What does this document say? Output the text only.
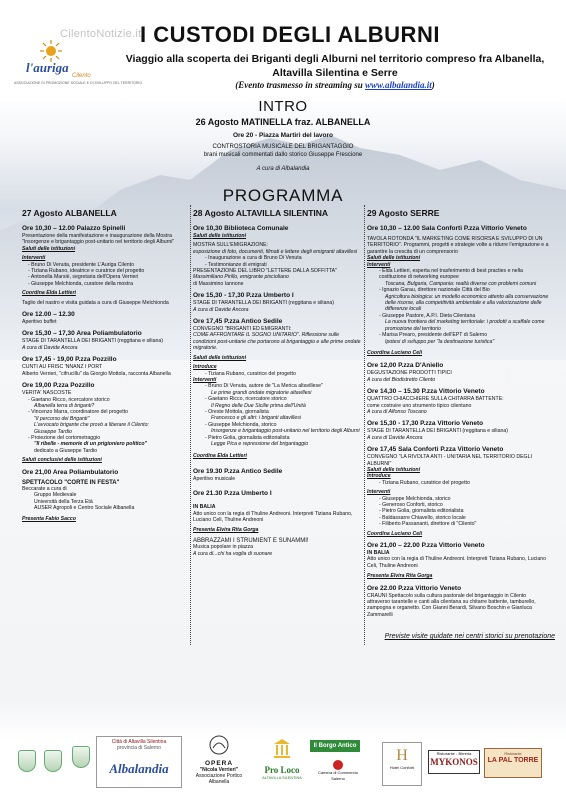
CilentoNotizie.it
l'auriga
Cilento
ASSOCIAZIONE DI PROMOZIONE SOCIALE E DI SVILUPPO DEL TERRITORIO
I CUSTODI DEGLI ALBURNI
Viaggio alla scoperta dei Briganti degli Alburni nel territorio compreso fra Albanella, Altavilla Silentina e Serre
(Evento trasmesso in streaming su www.albalandia.it)
INTRO
26 Agosto MATINELLA fraz. ALBANELLA
Ore 20 - Piazza Martiri del lavoro
CONTROSTORIA MUSICALE DEL BRIGANTAGGIO
brani musicali commentati dallo storico Giuseppe Frescione
A cura di Albalandia
PROGRAMMA
27 Agosto ALBANELLA
Ore 10,30 – 12.00 Palazzo Spinelli
Presentazione della manifestazione e inaugurazione della Mostra "Insorgenze e brigantaggio post-unitario nel territorio degli Alburni"
Saluti delle istituzioni
Interventi
- Bruno Di Venuta, presidente L'Auriga Cilento
- Tiziana Rubano, ideatrice e curatrice del progetto
- Antonella Marsiè, segretaria dell'Opera Verrieri
- Giuseppe Melchionda, curatore della mostra
Coordina Elda Lettieri
Taglio del nastro e visita guidata a cura di Giuseppe Melchionda
Ore 12.00 – 12.30
Aperitivo buffet
Ore 15,30 – 17,30 Area Poliambulatorio
STAGE DI TARANTELLA DEI BRIGANTI (reggitana e siliana)
A cura di Davide Ancora
Ore 17,45 - 19,00 P.zza Pozzillo
CUNTI AU FRISC 'NNANZ I PORT
Alberto Verrieri, "cifrucillu" da Giorgio Mottola, racconta Albanella
Ore 19,00 P.zza Pozzillo
VERITA' NASCOSTE
- Gaetano Ricco, ricercatore storico
Albanella terra di briganti?
- Vincenzo Marra, coordinatore del progetto
"Il percorso dei Briganti"
L'avvocato brigante che provò a liberare il Cilento:
Giuseppe Tardio
- Proiezione del cortometraggio
"Il ribelle - memorie di un prigioniero politico"
dedicato a Giuseppe Tardio
Saluti conclusivi delle istituzioni
Ore 21,00 Area Poliambulatorio
SPETTACOLO "CORTE IN FESTA"
Beccarate a cura di
Gruppo Medievale
Università della Terza Età
AUSER Agropoli e Centro Sociale Albanella
Presenta Fabio Sacco
28 Agosto ALTAVILLA SILENTINA
Ore 10,30 Biblioteca Comunale
Saluti delle istituzioni
MOSTRA SULL'EMIGRAZIONE:
esposizione di foto, documenti, filmati e lettere degli emigranti altavillesi
- Inaugurazione a cura di Bruno Di Venuta
- Testimonianze di emigrati
PRESENTAZIONE DEL LIBRO "LETTERE DALLA SOFFITTA"
Massimiliano Pirillo, emigrante piscioliano
di Massimino Iannone
Ore 15,30 - 17,30 P.zza Umberto I
STAGE DI TARANTELLA DEI BRIGANTI (reggitana e siliana)
A cura di Davide Ancora
Ore 17,45 P.zza Antico Sedile
CONVEGNO "BRIGANTI ED EMIGRANTI:
COME AFFRONTARE IL SOGNO UNITARIO". Riflessione sulle condizioni post-unitarie che portarono al brigantaggio e alle prime ondate migratorie.
Saluti delle istituzioni
Introduce
- Tiziana Rubano, curatrice del progetto
Interventi
- Bruno Di Venuta, autore de "La Merica altavillese"
Le prime grandi ondate migratorie altavillesi
- Gaetano Ricco, ricercatore storico
Il Regno delle Due Sicilie prima dell'Unità
- Oreste Mottola, giornalista
Francesco e gli altri: i briganti altavillesi
- Giuseppe Melchionda, storico
Insorgenze e brigantaggio post-unitario nel territorio degli Alburni
- Pietro Golia, giornalista editorialista
Legge Pica e repressione del brigantaggio
Coordina Elda Lettieri
Ore 19.30 P.zza Antico Sedile
Aperitivo musicale
Ore 21.30 P.zza Umberto I
IN BALIA
Atto unico con la regia di Thuline Andreoni. Interpreti Tiziana Rubano, Luciano Celi, Thuline Andreoni
Presenta Elvira Rita Gorga
ABBRAZZAMI I STRUMIENT E SUNAMMI!
Musica popolare in piazza
A cura di...chi ha voglia di suonare
29 Agosto SERRE
Ore 10,30 – 12.00 Sala Conforti P.zza Vittorio Veneto
TAVOLA ROTONDA "IL MARKETING COME RISORSA E SVILUPPO DI UN TERRITORIO". Programmi, progetti e strategie volte a ridurre l'emigrazione e a garantire la crescita di un comprensorio
Saluti delle istituzioni
Interventi
- Elda Lettieri, esperta nel trasferimento di best practies e nella costituzione di networking europee
Toscana, Bulgaria, Campania: realtà diverse con problemi comuni
- Ignazio Garau, direttore nazionale Città del Bio
Agricoltura biologica: un modello economico attento alla conservazione delle risorse, alla competitività ambientale e alla valorizzazione delle differenze locali
- Giuseppe Pastore, A.P.I. Dieta Cilentana
La nuova frontiera del marketing territoriale: i prodotti a scaffale come promozione del territorio
- Marisa Prearo, presidente dell'EPT di Salerno
Ipotesi di sviluppo per "la destinazione turistica"
Coordina Luciano Celi
Ore 12,00 P.zza D'Aniello
DEGUSTAZIONE PRODOTTI TIPICI
A cura del Biodistretto Cilento
Ore 14,30 – 15.30 P.zza Vittorio Veneto
QUATTRO CHIACCHIERE SULLA CHITARRA BATTENTE:
come costruire uno strumento tipico cilentano
A cura di Alfonso Toscano
Ore 15,30 - 17,30 P.zza Vittorio Veneto
STAGE DI TARANTELLA DEI BRIGANTI (reggitana e siliana)
A cura di Davide Ancora
Ore 17,45 Sala Conforti P.zza Vittorio Veneto
CONVEGNO "LA RIVOLTA ANTI - UNITARIA NEL TERRITORIO DEGLI ALBURNI"
Saluti delle istituzioni
Introduce
- Tiziana Rubano, curatrice del progetto
Interventi
- Giuseppe Melchionda, storico
- Generoso Conforti, storico
- Pietro Golia, giornalista editorialista
- Baldassarre Chiavello, storico locale
- Filiberto Passananti, direttore di "Cilento"
Coordina Luciano Celi
Ore 21,00 – 22.00 P.zza Vittorio Veneto
IN BALIA
Atto unico con la regia di Thuline Andreoni. Interpreti Tiziana Rubano, Luciano Celi, Thuline Andreoni
Presenta Elvira Rita Gorga
Ore 22.00 P.zza Vittorio Veneto
CRAUNI Spettacolo sulla cultura pastorale del brigantaggio in Cilento attraverso tarantelle e canti alla cilentana su chitarre battente, tamburello, zampogna e organetto. Con Gianni Berardi, Silvano Boschin e Gianluca Zammarelli
Previste visite guidate nei centri storici su prenotazione
Città di Altavilla Silentina
provincia di Salerno
Albalandia	OPERA
"Nicola Verrieri"
Associazione Portico
Albanella
Pro Loco
ALTAVILLA SILENTINA
Il Borgo Antico
Camera di Commercio
Salerno
H
Hotel Conforti
Ristorante - Birreria
MYKONOS
Ristorante
LA PAL TORRE
